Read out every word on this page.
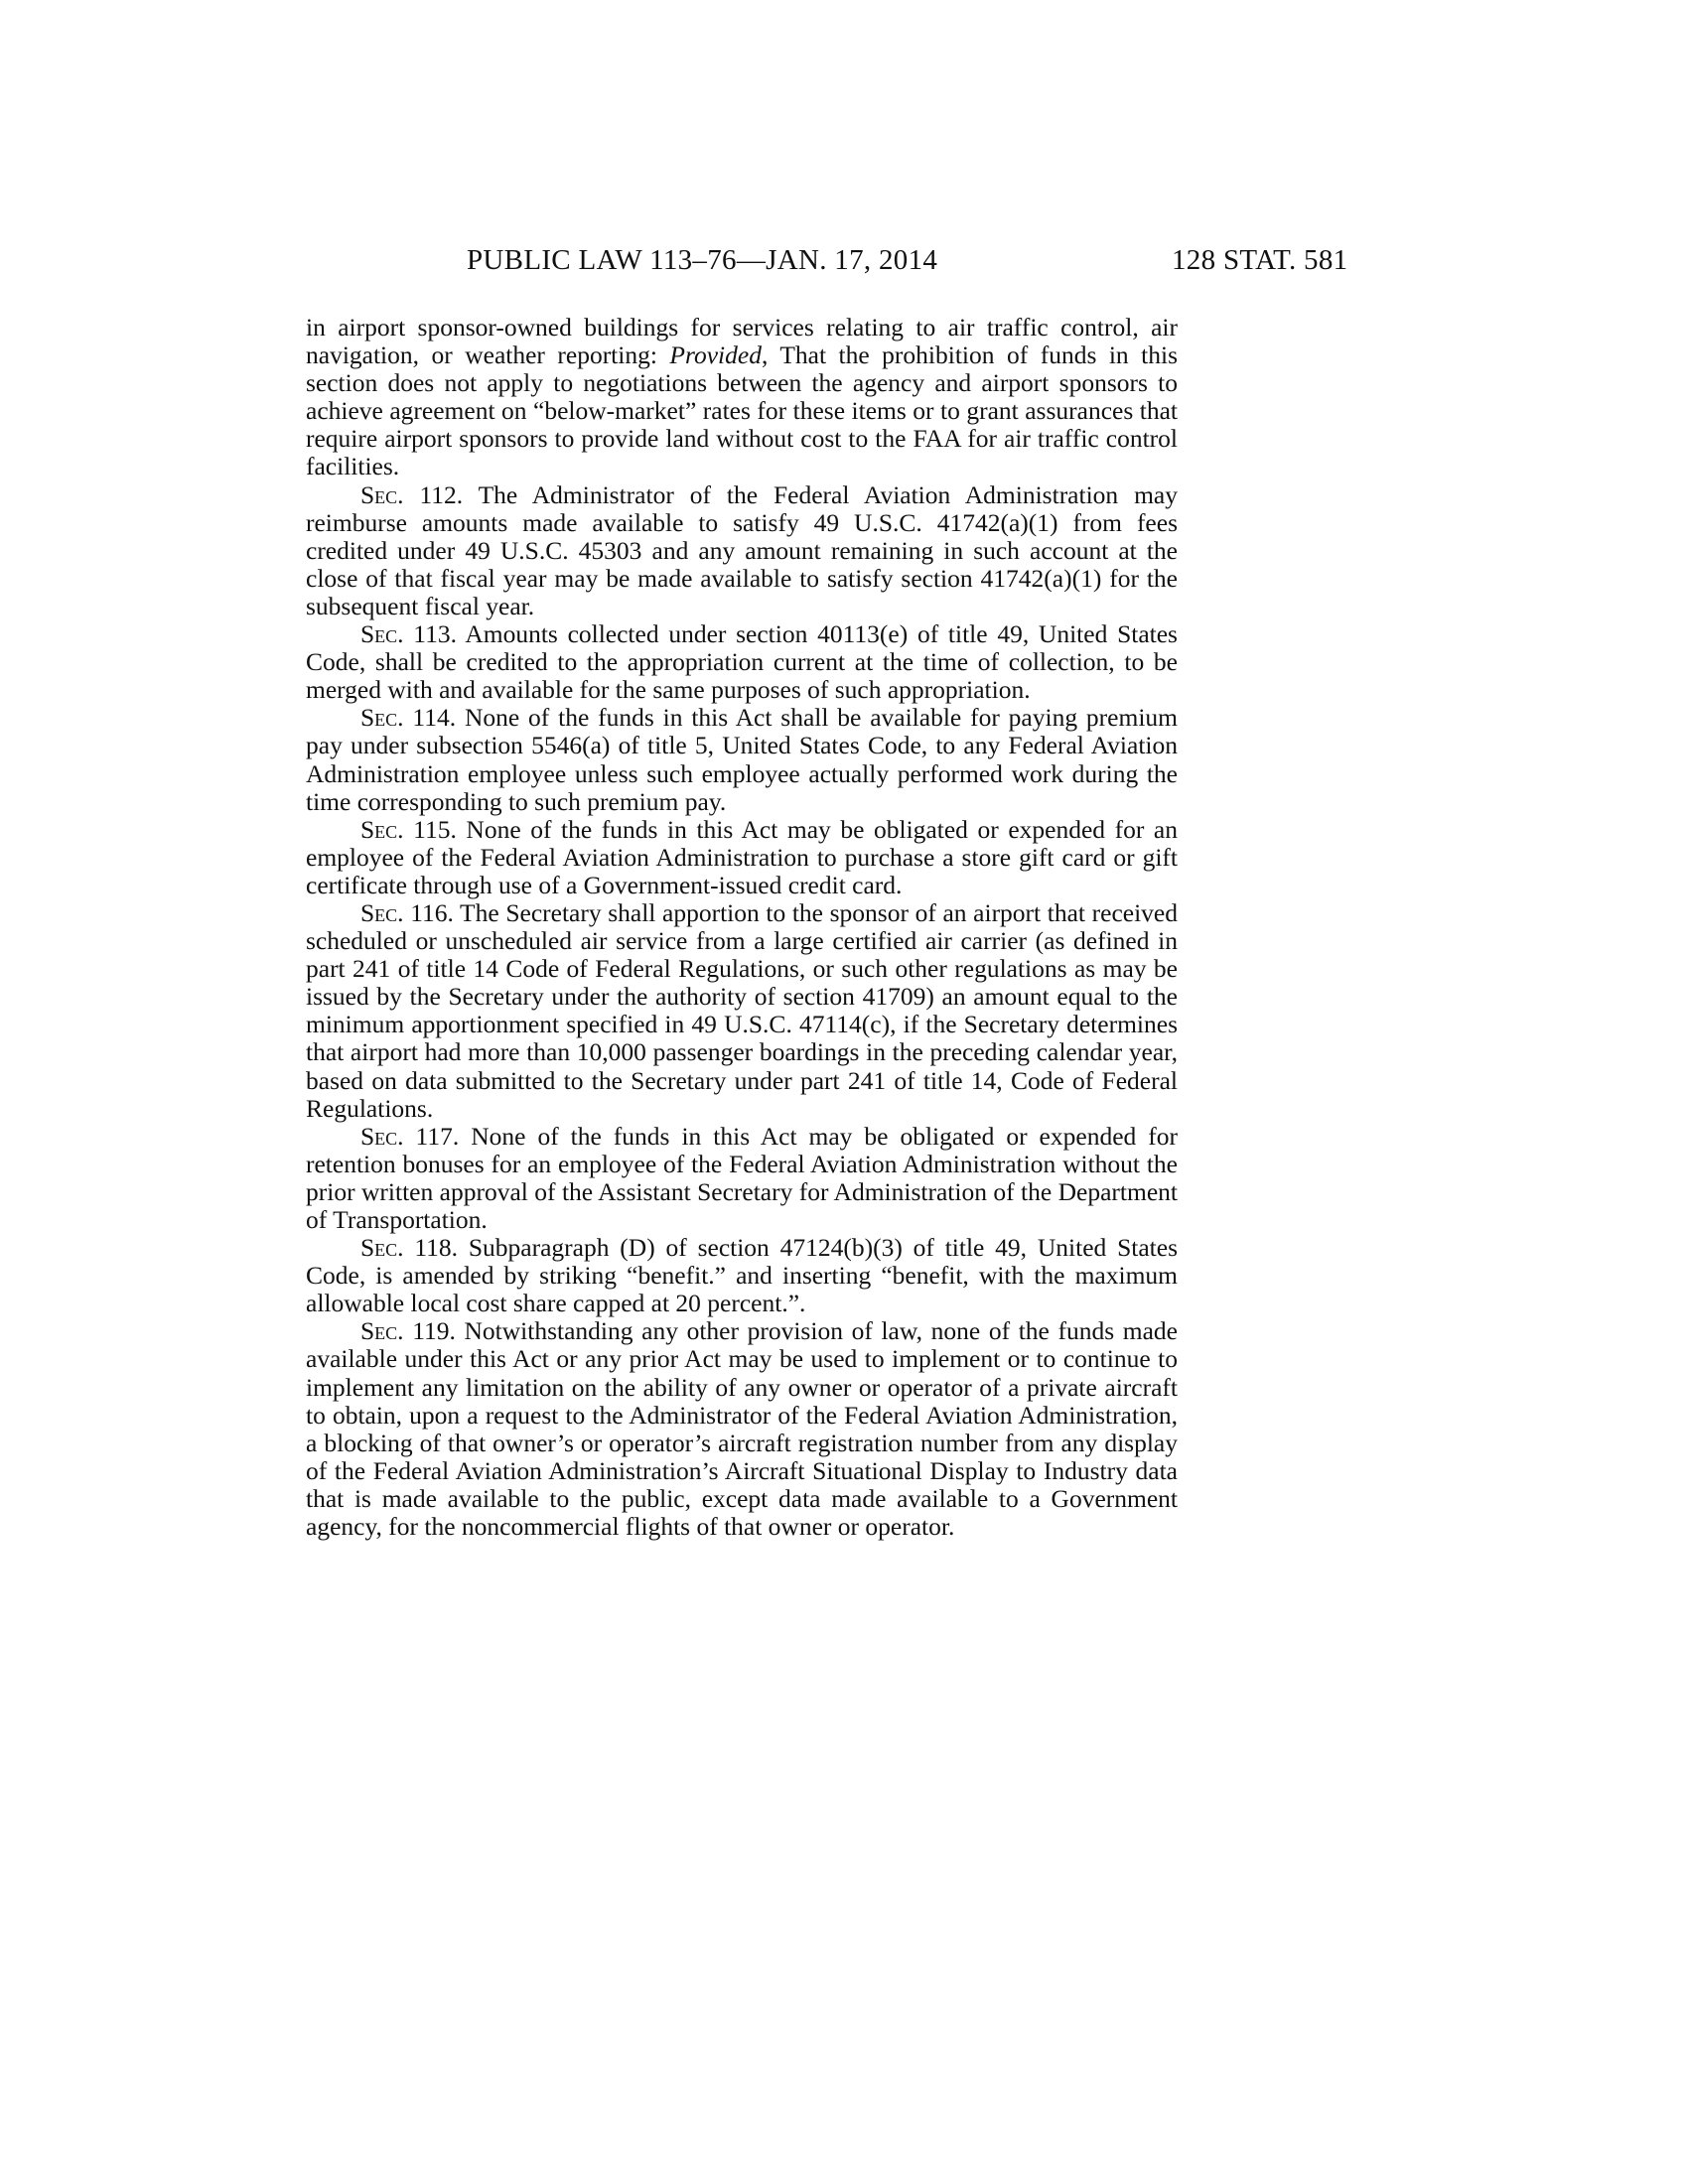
PUBLIC LAW 113–76—JAN. 17, 2014	128 STAT. 581

in airport sponsor-owned buildings for services relating to air traffic control, air navigation, or weather reporting: Provided, That the prohibition of funds in this section does not apply to negotiations between the agency and airport sponsors to achieve agreement on “below-market” rates for these items or to grant assurances that require airport sponsors to provide land without cost to the FAA for air traffic control facilities.

Sec. 112. The Administrator of the Federal Aviation Administration may reimburse amounts made available to satisfy 49 U.S.C. 41742(a)(1) from fees credited under 49 U.S.C. 45303 and any amount remaining in such account at the close of that fiscal year may be made available to satisfy section 41742(a)(1) for the subsequent fiscal year.

Sec. 113. Amounts collected under section 40113(e) of title 49, United States Code, shall be credited to the appropriation current at the time of collection, to be merged with and available for the same purposes of such appropriation.

Sec. 114. None of the funds in this Act shall be available for paying premium pay under subsection 5546(a) of title 5, United States Code, to any Federal Aviation Administration employee unless such employee actually performed work during the time corresponding to such premium pay.

Sec. 115. None of the funds in this Act may be obligated or expended for an employee of the Federal Aviation Administration to purchase a store gift card or gift certificate through use of a Government-issued credit card.

Sec. 116. The Secretary shall apportion to the sponsor of an airport that received scheduled or unscheduled air service from a large certified air carrier (as defined in part 241 of title 14 Code of Federal Regulations, or such other regulations as may be issued by the Secretary under the authority of section 41709) an amount equal to the minimum apportionment specified in 49 U.S.C. 47114(c), if the Secretary determines that airport had more than 10,000 passenger boardings in the preceding calendar year, based on data submitted to the Secretary under part 241 of title 14, Code of Federal Regulations.

Sec. 117. None of the funds in this Act may be obligated or expended for retention bonuses for an employee of the Federal Aviation Administration without the prior written approval of the Assistant Secretary for Administration of the Department of Transportation.

Sec. 118. Subparagraph (D) of section 47124(b)(3) of title 49, United States Code, is amended by striking “benefit.” and inserting “benefit, with the maximum allowable local cost share capped at 20 percent.”.

Sec. 119. Notwithstanding any other provision of law, none of the funds made available under this Act or any prior Act may be used to implement or to continue to implement any limitation on the ability of any owner or operator of a private aircraft to obtain, upon a request to the Administrator of the Federal Aviation Administration, a blocking of that owner’s or operator’s aircraft registration number from any display of the Federal Aviation Administration’s Aircraft Situational Display to Industry data that is made available to the public, except data made available to a Government agency, for the noncommercial flights of that owner or operator.
